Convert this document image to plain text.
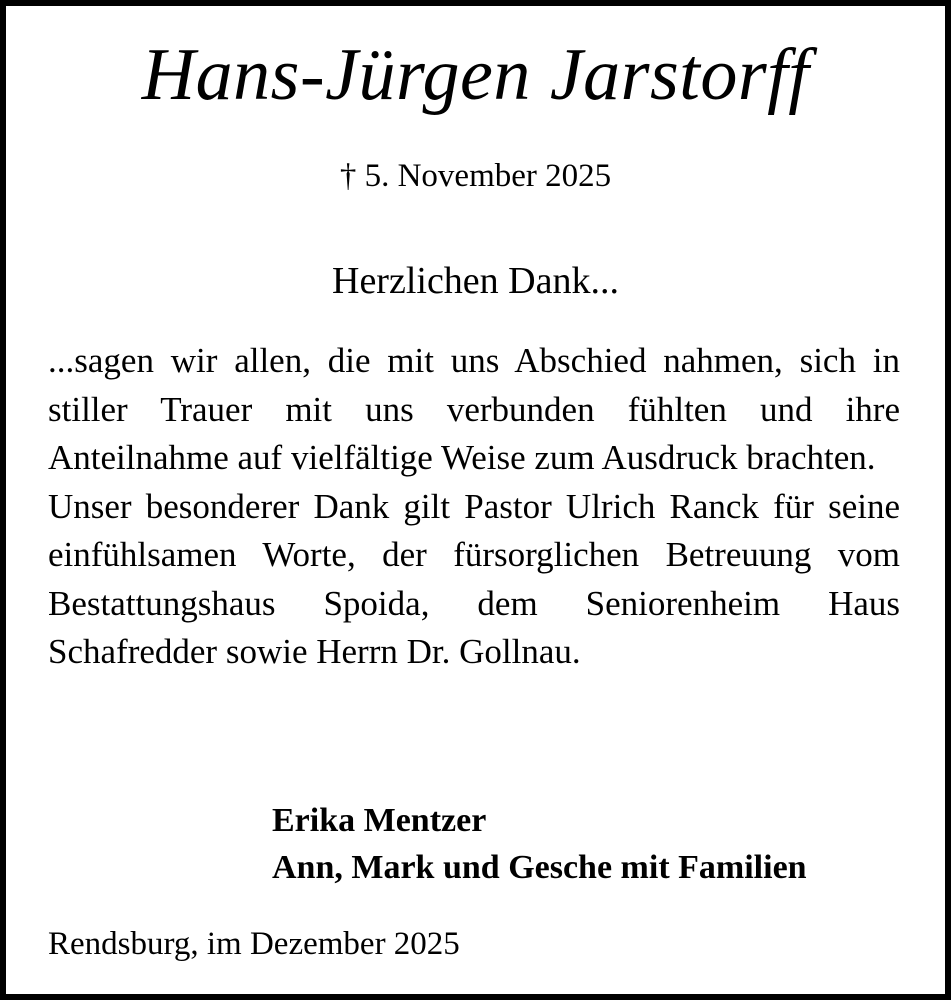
Hans-Jürgen Jarstorff
† 5. November 2025
Herzlichen Dank...

...sagen wir allen, die mit uns Abschied nahmen, sich in stiller Trauer mit uns verbunden fühlten und ihre Anteilnahme auf vielfältige Weise zum Ausdruck brachten.

Unser besonderer Dank gilt Pastor Ulrich Ranck für seine einfühlsamen Worte, der fürsorglichen Betreuung vom Bestattungshaus Spoida, dem Seniorenheim Haus Schafredder sowie Herrn Dr. Gollnau.

Erika Mentzer
Ann, Mark und Gesche mit Familien
Rendsburg, im Dezember 2025
